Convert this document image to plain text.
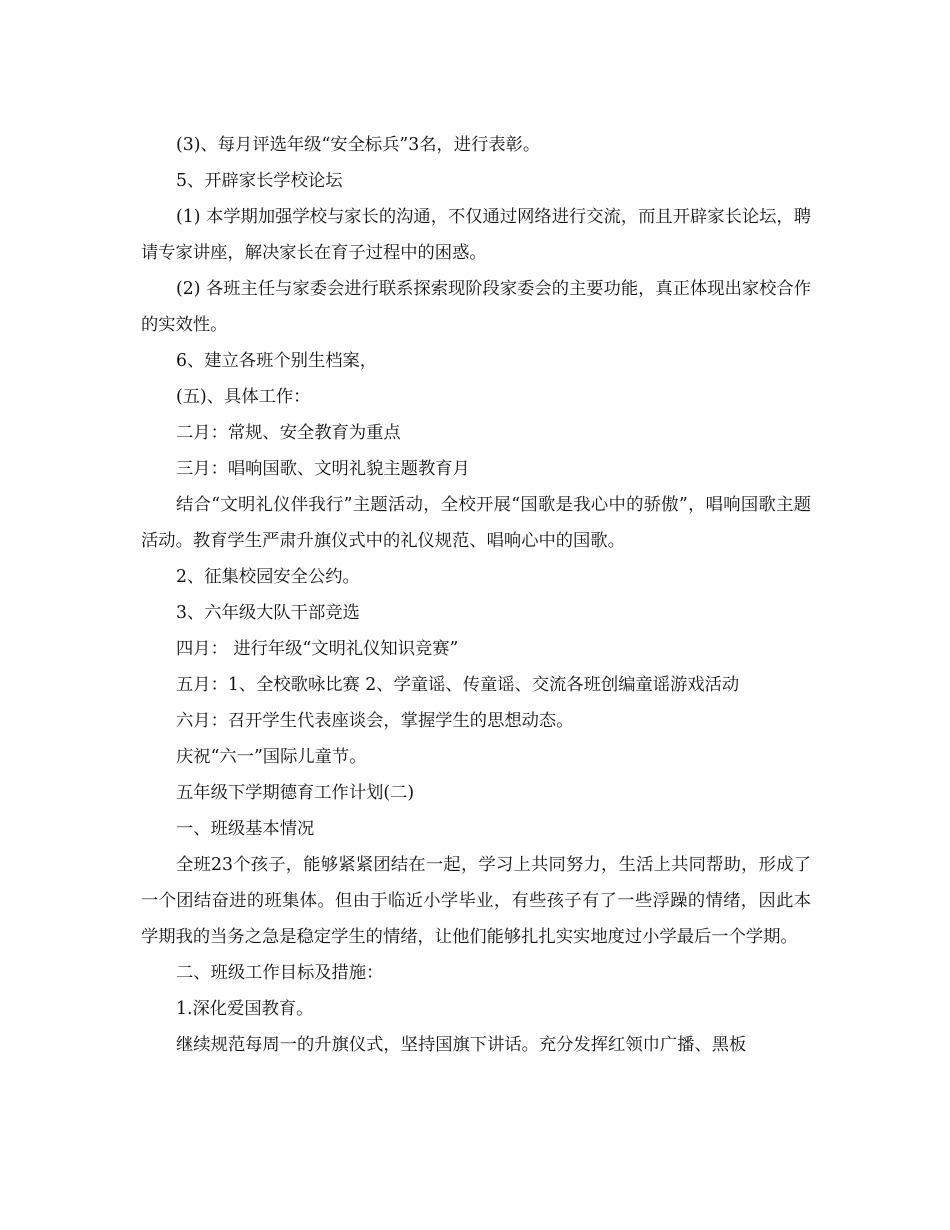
(3)、每月评选年级“安全标兵”3名，进行表彰。

5、开辟家长学校论坛

(1) 本学期加强学校与家长的沟通，不仅通过网络进行交流，而且开辟家长论坛，聘请专家讲座，解决家长在育子过程中的困惑。

(2) 各班主任与家委会进行联系探索现阶段家委会的主要功能，真正体现出家校合作的实效性。

6、建立各班个别生档案，

(五)、具体工作：

二月：常规、安全教育为重点

三月：唱响国歌、文明礼貌主题教育月

结合“文明礼仪伴我行”主题活动，全校开展“国歌是我心中的骄傲”，唱响国歌主题活动。教育学生严肃升旗仪式中的礼仪规范、唱响心中的国歌。

2、征集校园安全公约。

3、六年级大队干部竞选

四月： 进行年级“文明礼仪知识竞赛”

五月：1、全校歌咏比赛 2、学童谣、传童谣、交流各班创编童谣游戏活动

六月：召开学生代表座谈会，掌握学生的思想动态。

庆祝“六一”国际儿童节。

五年级下学期德育工作计划(二)

一、班级基本情况

全班23个孩子，能够紧紧团结在一起，学习上共同努力，生活上共同帮助，形成了一个团结奋进的班集体。但由于临近小学毕业，有些孩子有了一些浮躁的情绪，因此本学期我的当务之急是稳定学生的情绪，让他们能够扎扎实实地度过小学最后一个学期。

二、班级工作目标及措施：

1.深化爱国教育。

继续规范每周一的升旗仪式，坚持国旗下讲话。充分发挥红领巾广播、黑板
